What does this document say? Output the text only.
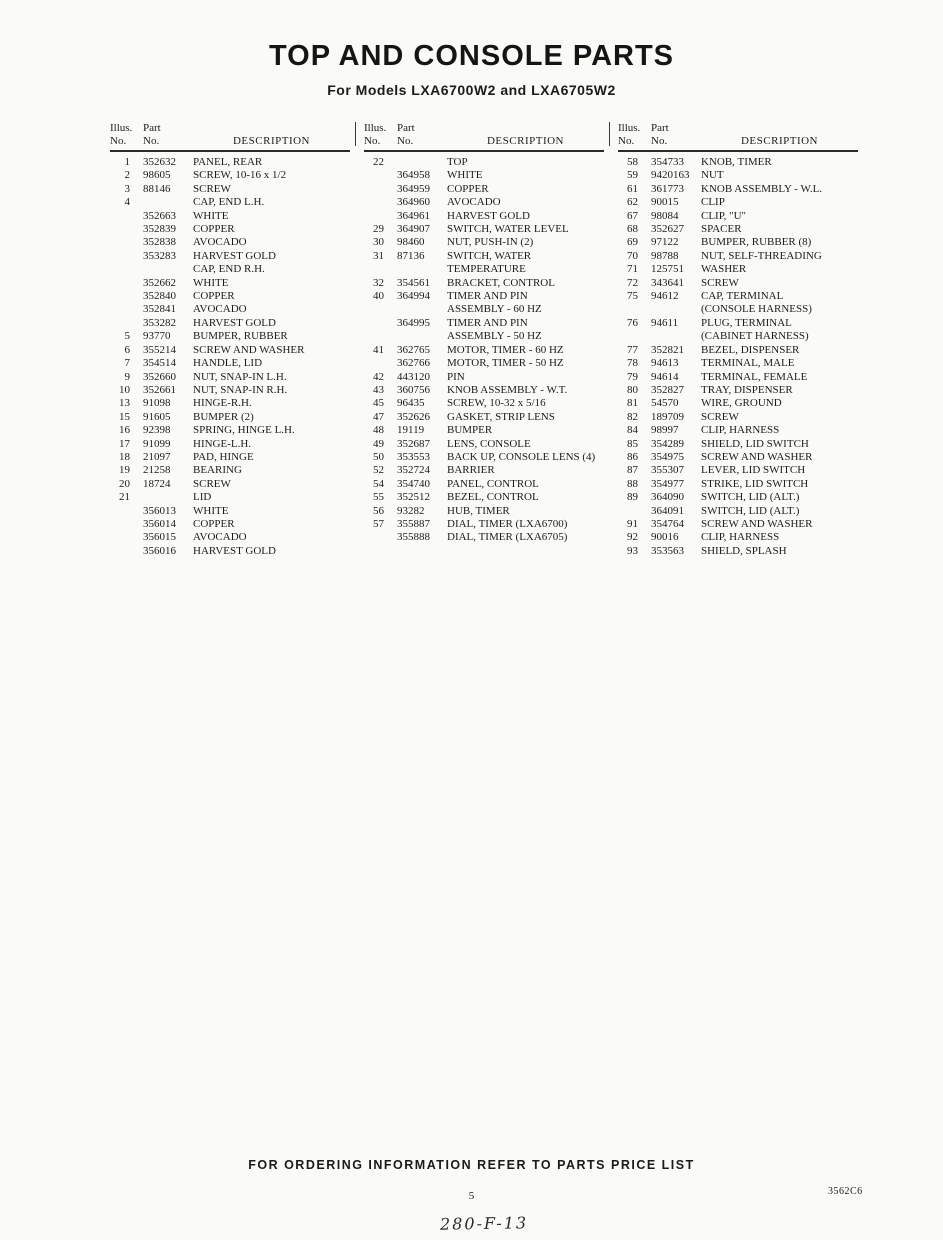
TOP AND CONSOLE PARTS
For Models LXA6700W2 and LXA6705W2
Illus. Part
No.	No.	DESCRIPTION
1 352632	PANEL, REAR
2 98605	SCREW, 10-16 x 1/2
3 88146	SCREW
4	CAP, END L.H.
352663	WHITE
352839	COPPER
352838	AVOCADO
353283	HARVEST GOLD
CAP, END R.H.
352662	WHITE
352840	COPPER
352841	AVOCADO
353282	HARVEST GOLD
5 93770	BUMPER, RUBBER
6 355214	SCREW AND WASHER
7 354514	HANDLE, LID
9 352660	NUT, SNAP-IN L.H.
10 352661	NUT, SNAP-IN R.H.
13 91098	HINGE-R.H.
15 91605	BUMPER (2)
16 92398	SPRING, HINGE L.H.
17 91099	HINGE-L.H.
18 21097	PAD, HINGE
19 21258	BEARING
20 18724	SCREW
21	LID
356013	WHITE
356014	COPPER
356015	AVOCADO
356016	HARVEST GOLD
Illus. Part
No.	No.	DESCRIPTION
22	TOP
364958	WHITE
364959	COPPER
364960	AVOCADO
364961	HARVEST GOLD
29 364907	SWITCH, WATER LEVEL
30 98460	NUT, PUSH-IN (2)
31 87136	SWITCH, WATER
TEMPERATURE
32 354561	BRACKET, CONTROL
40 364994	TIMER AND PIN
ASSEMBLY - 60 HZ
364995	TIMER AND PIN
ASSEMBLY - 50 HZ
41 362765	MOTOR, TIMER - 60 HZ
362766	MOTOR, TIMER - 50 HZ
42 443120	PIN
43 360756	KNOB ASSEMBLY - W.T.
45 96435	SCREW, 10-32 x 5/16
47 352626	GASKET, STRIP LENS
48 19119	BUMPER
49 352687	LENS, CONSOLE
50 353553	BACK UP, CONSOLE LENS (4)
52 352724	BARRIER
54 354740	PANEL, CONTROL
55 352512	BEZEL, CONTROL
56 93282	HUB, TIMER
57 355887	DIAL, TIMER (LXA6700)
355888	DIAL, TIMER (LXA6705)
Illus. Part
No.	No.	DESCRIPTION
58 354733	KNOB, TIMER
59 9420163	NUT
61 361773	KNOB ASSEMBLY - W.L.
62 90015	CLIP
67 98084	CLIP, "U"
68 352627	SPACER
69 97122	BUMPER, RUBBER (8)
70 98788	NUT, SELF-THREADING
71 125751	WASHER
72 343641	SCREW
75 94612	CAP, TERMINAL
(CONSOLE HARNESS)
76 94611	PLUG, TERMINAL
(CABINET HARNESS)
77 352821	BEZEL, DISPENSER
78 94613	TERMINAL, MALE
79 94614	TERMINAL, FEMALE
80 352827	TRAY, DISPENSER
81 54570	WIRE, GROUND
82 189709	SCREW
84 98997	CLIP, HARNESS
85 354289	SHIELD, LID SWITCH
86 354975	SCREW AND WASHER
87 355307	LEVER, LID SWITCH
88 354977	STRIKE, LID SWITCH
89 364090	SWITCH, LID (ALT.)
364091	SWITCH, LID (ALT.)
91 354764	SCREW AND WASHER
92 90016	CLIP, HARNESS
93 353563	SHIELD, SPLASH
FOR ORDERING INFORMATION REFER TO PARTS PRICE LIST
5	3562C6
280-F-13
